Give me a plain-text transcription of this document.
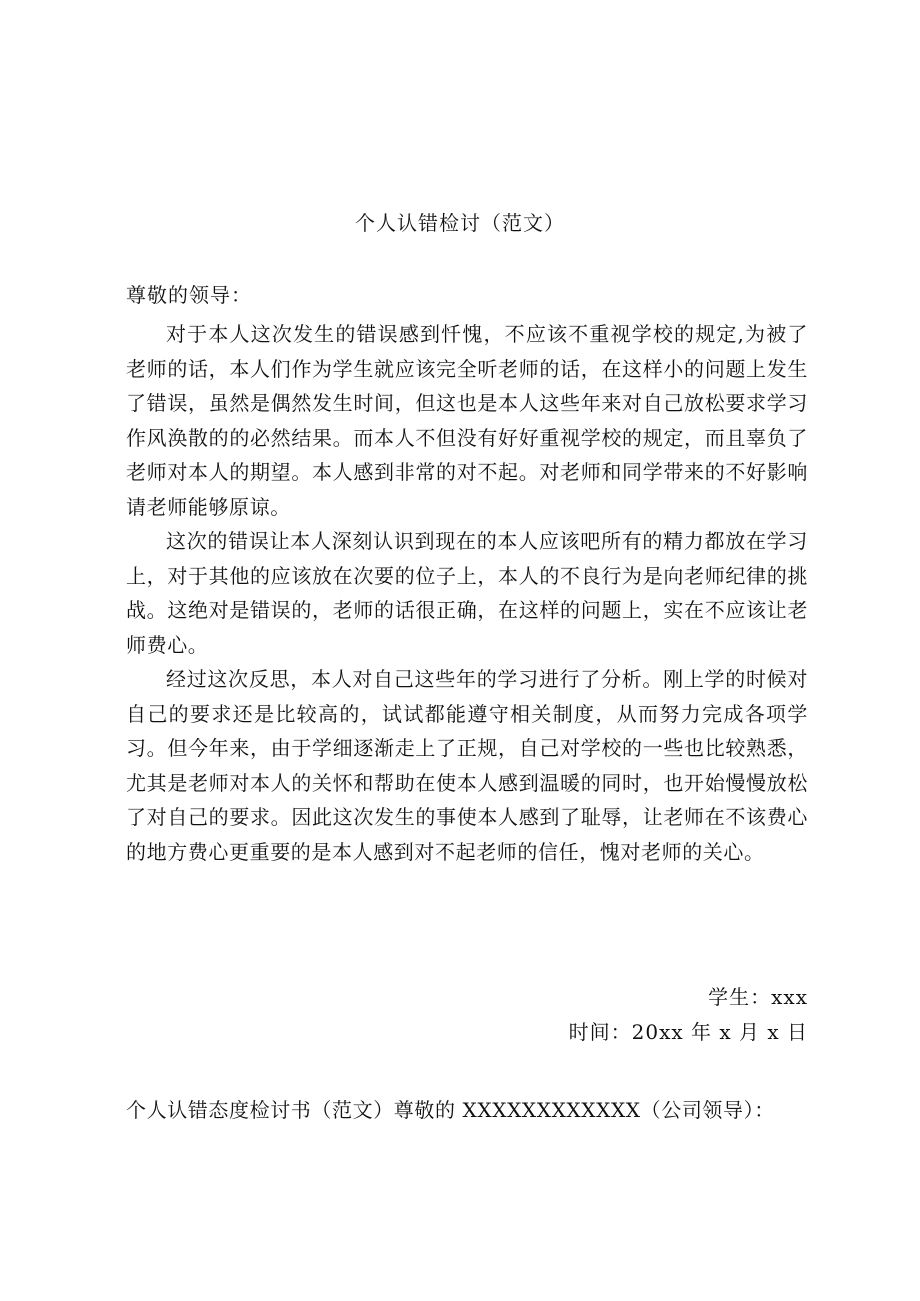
个人认错检讨（范文）
尊敬的领导：

对于本人这次发生的错误感到忏愧，不应该不重视学校的规定,为被了老师的话，本人们作为学生就应该完全听老师的话，在这样小的问题上发生了错误，虽然是偶然发生时间，但这也是本人这些年来对自己放松要求学习作风涣散的的必然结果。而本人不但没有好好重视学校的规定，而且辜负了老师对本人的期望。本人感到非常的对不起。对老师和同学带来的不好影响请老师能够原谅。

这次的错误让本人深刻认识到现在的本人应该吧所有的精力都放在学习上，对于其他的应该放在次要的位子上，本人的不良行为是向老师纪律的挑战。这绝对是错误的，老师的话很正确，在这样的问题上，实在不应该让老师费心。

经过这次反思，本人对自己这些年的学习进行了分析。刚上学的时候对自己的要求还是比较高的，试试都能遵守相关制度，从而努力完成各项学习。但今年来，由于学细逐渐走上了正规，自己对学校的一些也比较熟悉，尤其是老师对本人的关怀和帮助在使本人感到温暖的同时，也开始慢慢放松了对自己的要求。因此这次发生的事使本人感到了耻辱，让老师在不该费心的地方费心更重要的是本人感到对不起老师的信任，愧对老师的关心。

学生：xxx
时间：20xx 年 x 月 x 日
个人认错态度检讨书（范文）尊敬的 XXXXXXXXXXXX（公司领导）：
